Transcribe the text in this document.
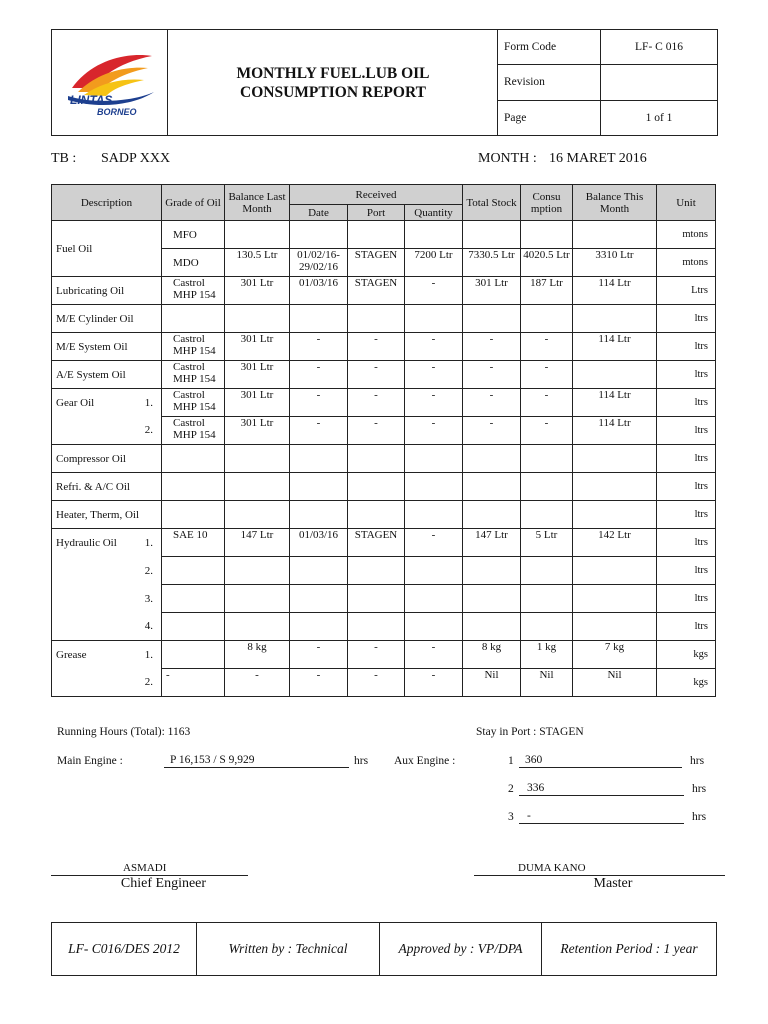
LINTAS
BORNEO
MONTHLY FUEL.LUB OIL
CONSUMPTION REPORT
Form Code	LF- C 016
Revision	
Page	1 of 1
TB : SADP XXX	MONTH : 16 MARET 2016
Description	Grade of Oil	Balance Last Month	Received			Total Stock	Consu mption	Balance This Month	Unit
			Date	Port	Quantity				
Fuel Oil	MFO								mtons
	MDO	130.5 Ltr	01/02/16-29/02/16	STAGEN	7200 Ltr	7330.5 Ltr	4020.5 Ltr	3310 Ltr	mtons
Lubricating Oil	Castrol MHP 154	301 Ltr	01/03/16	STAGEN	-	301 Ltr	187 Ltr	114 Ltr	Ltrs
M/E Cylinder Oil									ltrs
M/E System Oil	Castrol MHP 154	301 Ltr	-	-	-	-	-	114 Ltr	ltrs
A/E System Oil	Castrol MHP 154	301 Ltr	-	-	-	-	-		ltrs
Gear Oil 1.	Castrol MHP 154	301 Ltr	-	-	-	-	-	114 Ltr	ltrs

2.	Castrol MHP 154	301 Ltr	-	-	-	-	-	114 Ltr	ltrs
Compressor Oil									ltrs
Refri. & A/C Oil									ltrs
Heater, Therm, Oil									ltrs
Hydraulic Oil 1.	SAE 10	147 Ltr	01/03/16	STAGEN	-	147 Ltr	5 Ltr	142 Ltr	ltrs

2.									ltrs

3.									ltrs

4.									ltrs
Grease 1.		8 kg	-	-	-	8 kg	1 kg	7 kg	kgs

2.	-	-	-	-	-	Nil	Nil	Nil	kgs
Running Hours (Total): 1163	Stay in Port : STAGEN
Main Engine :	P 16,153 / S 9,929	hrs Aux Engine :	1 360	hrs
2	336	hrs
3	-	hrs
ASMADI
Chief Engineer
DUMA KANO
Master
LF- C016/DES 2012	Written by : Technical	Approved by : VP/DPA	Retention Period : 1 year
